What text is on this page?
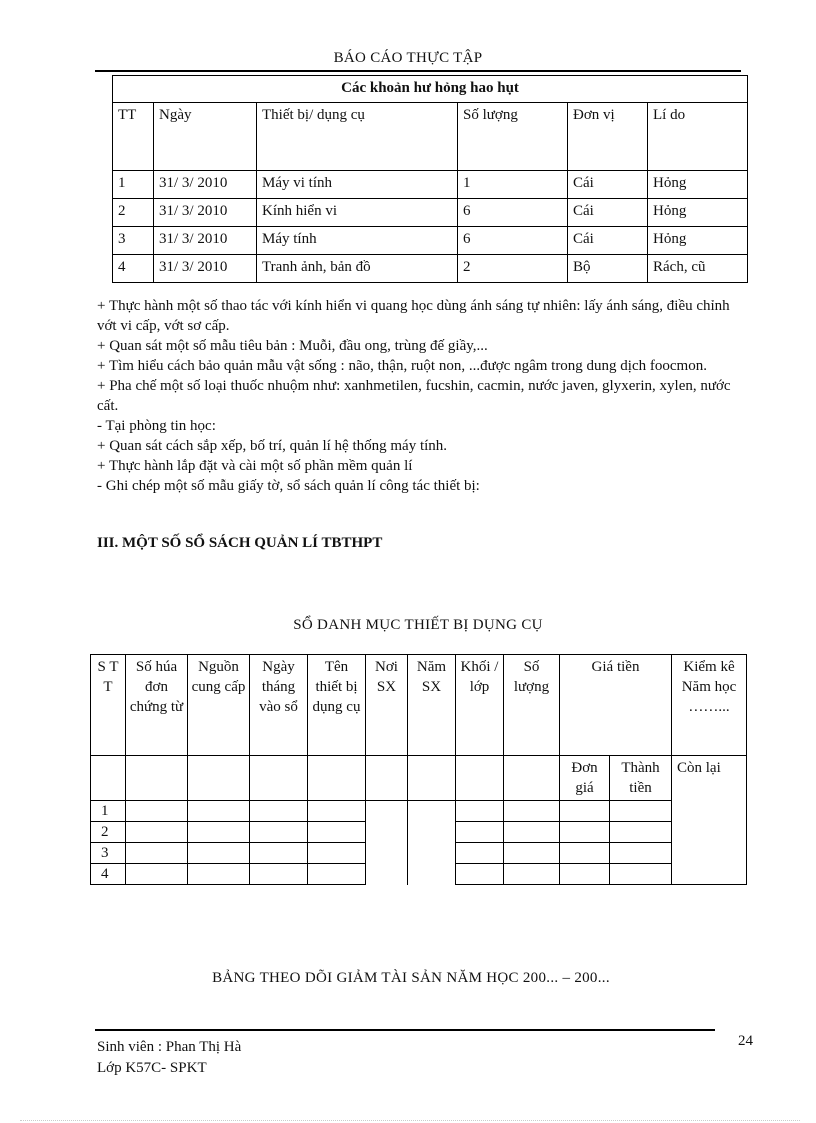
BÁO CÁO THỰC TẬP
Các khoản hư hỏng hao hụt					
TT	Ngày	Thiết bị/ dụng cụ	Số lượng	Đơn vị	Lí do
1	31/ 3/ 2010	Máy vi tính	1	Cái	Hỏng
2	31/ 3/ 2010	Kính hiển vi	6	Cái	Hỏng
3	31/ 3/ 2010	Máy tính	6	Cái	Hỏng
4	31/ 3/ 2010	Tranh ảnh, bản đồ	2	Bộ	Rách, cũ

+ Thực hành một số thao tác với kính hiển vi quang học dùng ánh sáng tự nhiên: lấy ánh sáng, điều chỉnh vớt vi cấp, vớt sơ cấp.

+ Quan sát một số mẫu tiêu bản : Muỗi, đầu ong, trùng đế giầy,...

+ Tìm hiểu cách bảo quản mẫu vật sống : não, thận, ruột non, ...được ngâm trong dung dịch foocmon.

+ Pha chế một số loại thuốc nhuộm như: xanhmetilen, fucshin, cacmin, nước javen, glyxerin, xylen, nước cất.

- Tại phòng tin học:

+ Quan sát cách sắp xếp, bố trí, quản lí hệ thống máy tính.

+ Thực hành lắp đặt và cài một số phần mềm quản lí

- Ghi chép một số mẫu giấy tờ, sổ sách quản lí công tác thiết bị:

III. MỘT SỐ SỔ SÁCH QUẢN LÍ TBTHPT
SỔ DANH MỤC THIẾT BỊ DỤNG CỤ
S T T	Số húa đơn chứng từ	Nguồn cung cấp	Ngày tháng vào sổ	Tên thiết bị dụng cụ	Nơi SX	Năm SX	Khối / lớp	Số lượng	Giá tiền		Kiểm kê Năm học ……...
									Đơn giá	Thành tiền	Còn lại
1											
2											
3											
4											
BẢNG THEO DÕI GIẢM TÀI SẢN NĂM HỌC 200... – 200...
Sinh viên : Phan Thị Hà
Lớp K57C- SPKT
24
